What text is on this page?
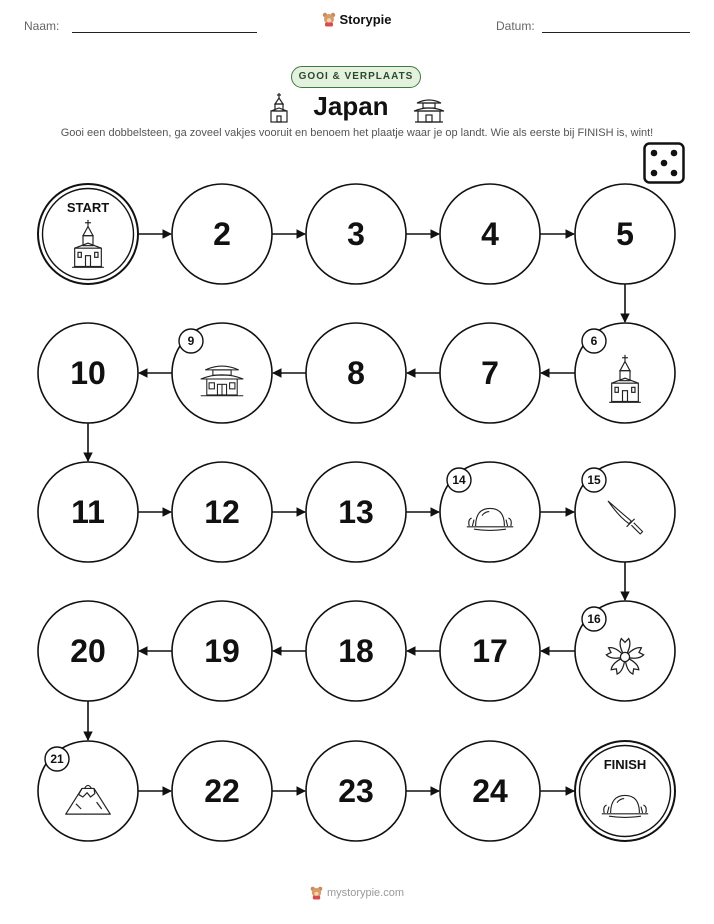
Naam:	Storypie	Datum:
GOOI & VERPLAATS
Japan
Gooi een dobbelsteen, ga zoveel vakjes vooruit en benoem het plaatje waar je op landt. Wie als eerste bij FINISH is, wint!
START
2	3	4	5
6
7
8
9
10
11	12	13
14	15
16
17
18
19
20
21
22	23	24
FINISH
mystorypie.com
